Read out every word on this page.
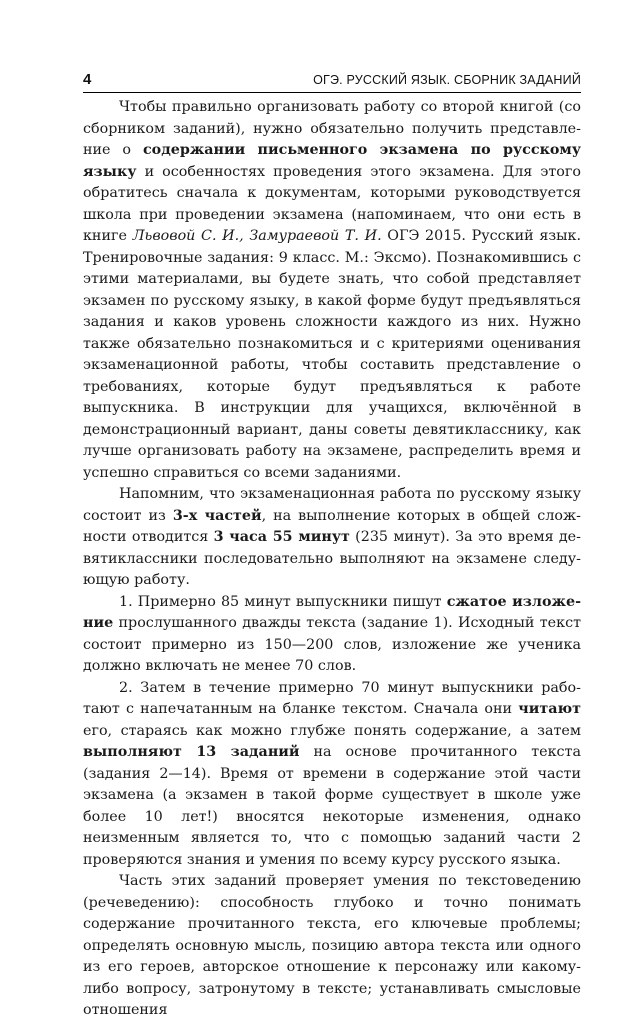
4	ОГЭ. РУССКИЙ ЯЗЫК. СБОРНИК ЗАДАНИЙ

Чтобы правильно организовать работу со второй книгой (со сборником заданий), нужно обязательно получить представление о содержании письменного экзамена по русскому языку и особенностях проведения этого экзамена. Для этого обратитесь сначала к документам, которыми руководствуется школа при проведении экзамена (напоминаем, что они есть в книге Львовой С. И., Замураевой Т. И. ОГЭ 2015. Русский язык. Тренировочные задания: 9 класс. М.: Эксмо). Познакомившись с этими материалами, вы будете знать, что собой представляет экзамен по русскому языку, в какой форме будут предъявляться задания и каков уровень сложности каждого из них. Нужно также обязательно познакомиться и с критериями оценивания экзаменационной работы, чтобы составить представление о требованиях, которые будут предъявляться к работе выпускника. В инструкции для учащихся, включённой в демонстрационный вариант, даны советы девятикласснику, как лучше организовать работу на экзамене, распределить время и успешно справиться со всеми заданиями.

Напомним, что экзаменационная работа по русскому языку состоит из 3-х частей, на выполнение которых в общей сложности отводится 3 часа 55 минут (235 минут). За это время девятиклассники последовательно выполняют на экзамене следующую работу.

1. Примерно 85 минут выпускники пишут сжатое изложение прослушанного дважды текста (задание 1). Исходный текст состоит примерно из 150—200 слов, изложение же ученика должно включать не менее 70 слов.

2. Затем в течение примерно 70 минут выпускники работают с напечатанным на бланке текстом. Сначала они читают его, стараясь как можно глубже понять содержание, а затем выполняют 13 заданий на основе прочитанного текста (задания 2—14). Время от времени в содержание этой части экзамена (а экзамен в такой форме существует в школе уже более 10 лет!) вносятся некоторые изменения, однако неизменным является то, что с помощью заданий части 2 проверяются знания и умения по всему курсу русского языка.

Часть этих заданий проверяет умения по текстоведению (речеведению): способность глубоко и точно понимать содержание прочитанного текста, его ключевые проблемы; определять основную мысль, позицию автора текста или одного из его героев, авторское отношение к персонажу или какому-либо вопросу, затронутому в тексте; устанавливать смысловые отношения
